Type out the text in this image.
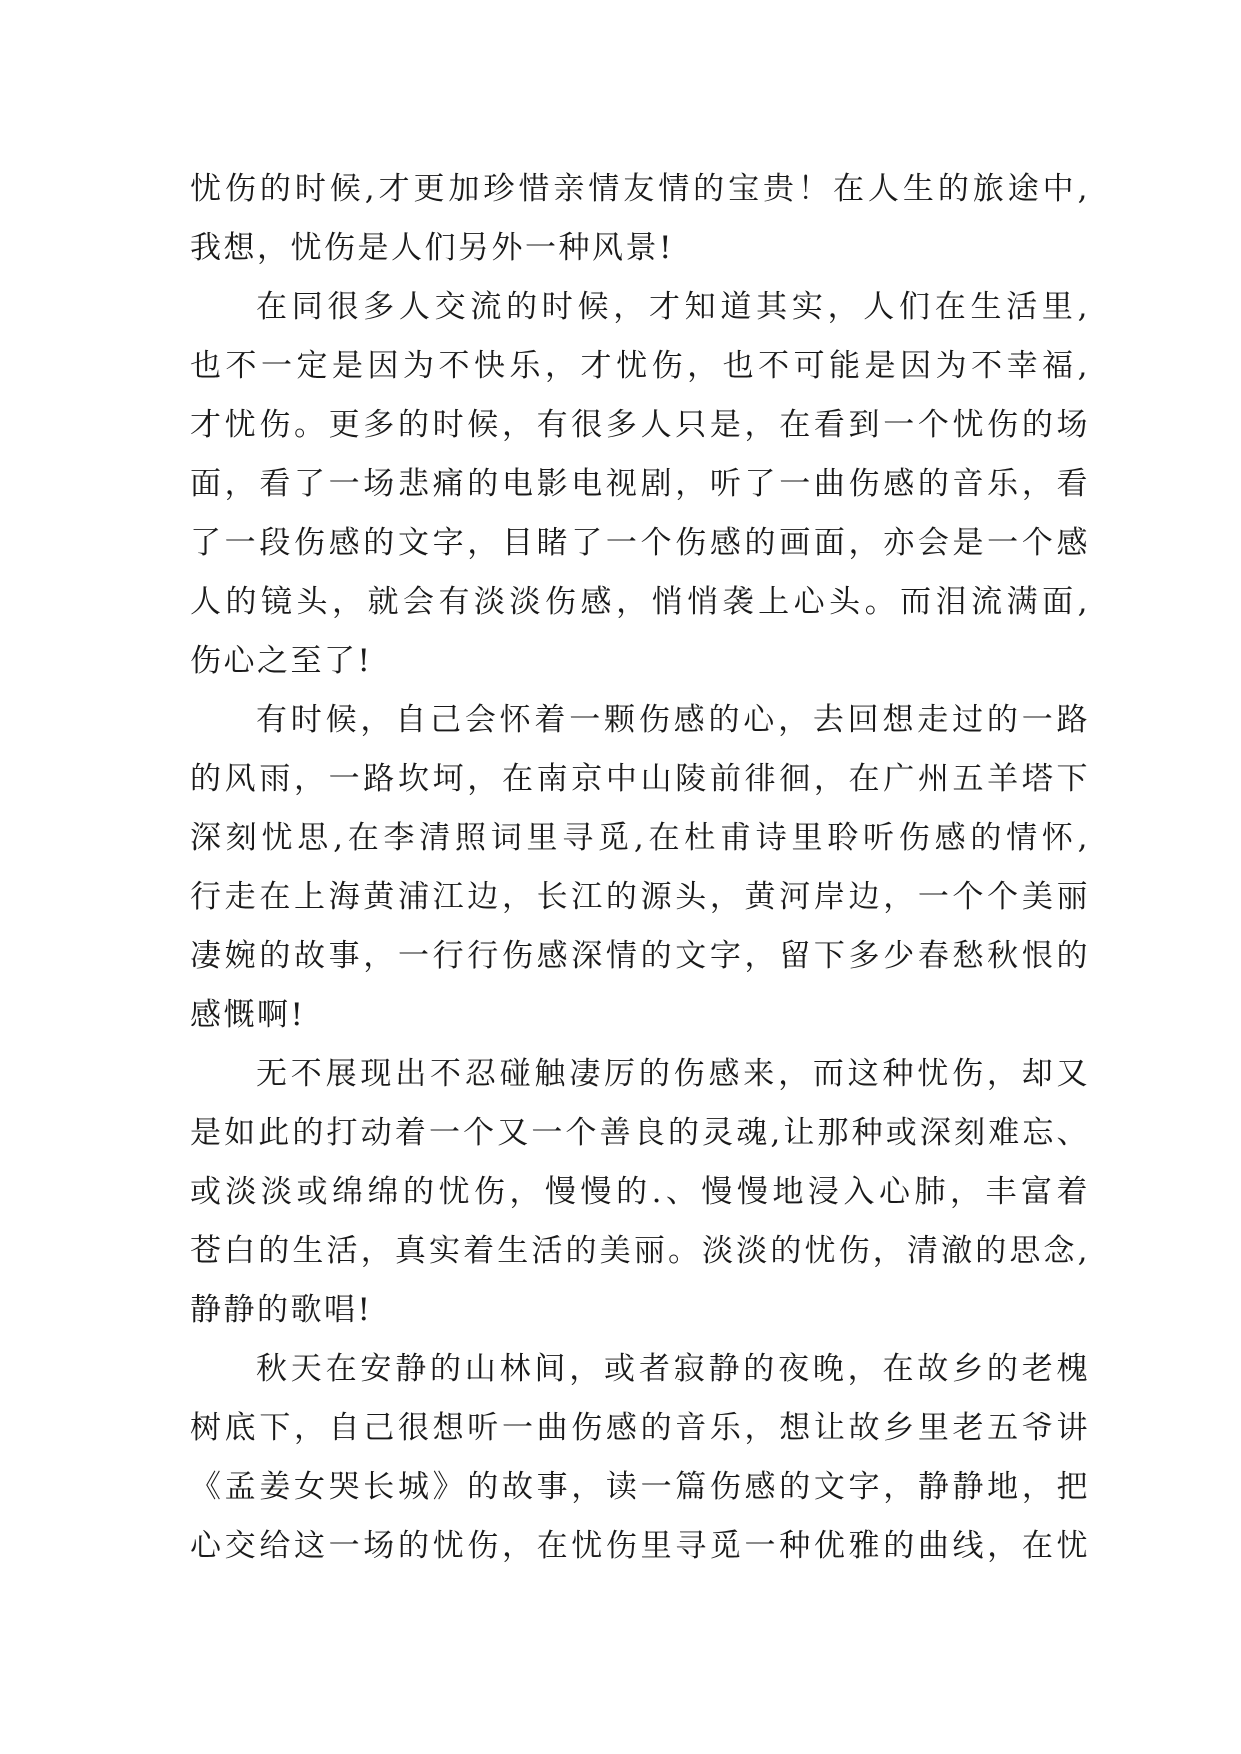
忧伤的时候,才更加珍惜亲情友情的宝贵！在人生的旅途中,
我想，忧伤是人们另外一种风景!
在同很多人交流的时候，才知道其实，人们在生活里,
也不一定是因为不快乐，才忧伤，也不可能是因为不幸福,
才忧伤。更多的时候，有很多人只是，在看到一个忧伤的场
面，看了一场悲痛的电影电视剧，听了一曲伤感的音乐，看
了一段伤感的文字，目睹了一个伤感的画面，亦会是一个感
人的镜头，就会有淡淡伤感，悄悄袭上心头。而泪流满面,
伤心之至了!
有时候，自己会怀着一颗伤感的心，去回想走过的一路
的风雨，一路坎坷，在南京中山陵前徘徊，在广州五羊塔下
深刻忧思,在李清照词里寻觅,在杜甫诗里聆听伤感的情怀,
行走在上海黄浦江边，长江的源头，黄河岸边，一个个美丽
凄婉的故事，一行行伤感深情的文字，留下多少春愁秋恨的
感慨啊!
无不展现出不忍碰触凄厉的伤感来，而这种忧伤，却又
是如此的打动着一个又一个善良的灵魂,让那种或深刻难忘、
或淡淡或绵绵的忧伤，慢慢的.、慢慢地浸入心肺，丰富着
苍白的生活，真实着生活的美丽。淡淡的忧伤，清澈的思念,
静静的歌唱!
秋天在安静的山林间，或者寂静的夜晚，在故乡的老槐
树底下，自己很想听一曲伤感的音乐，想让故乡里老五爷讲
《孟姜女哭长城》的故事，读一篇伤感的文字，静静地，把
心交给这一场的忧伤，在忧伤里寻觅一种优雅的曲线，在忧
